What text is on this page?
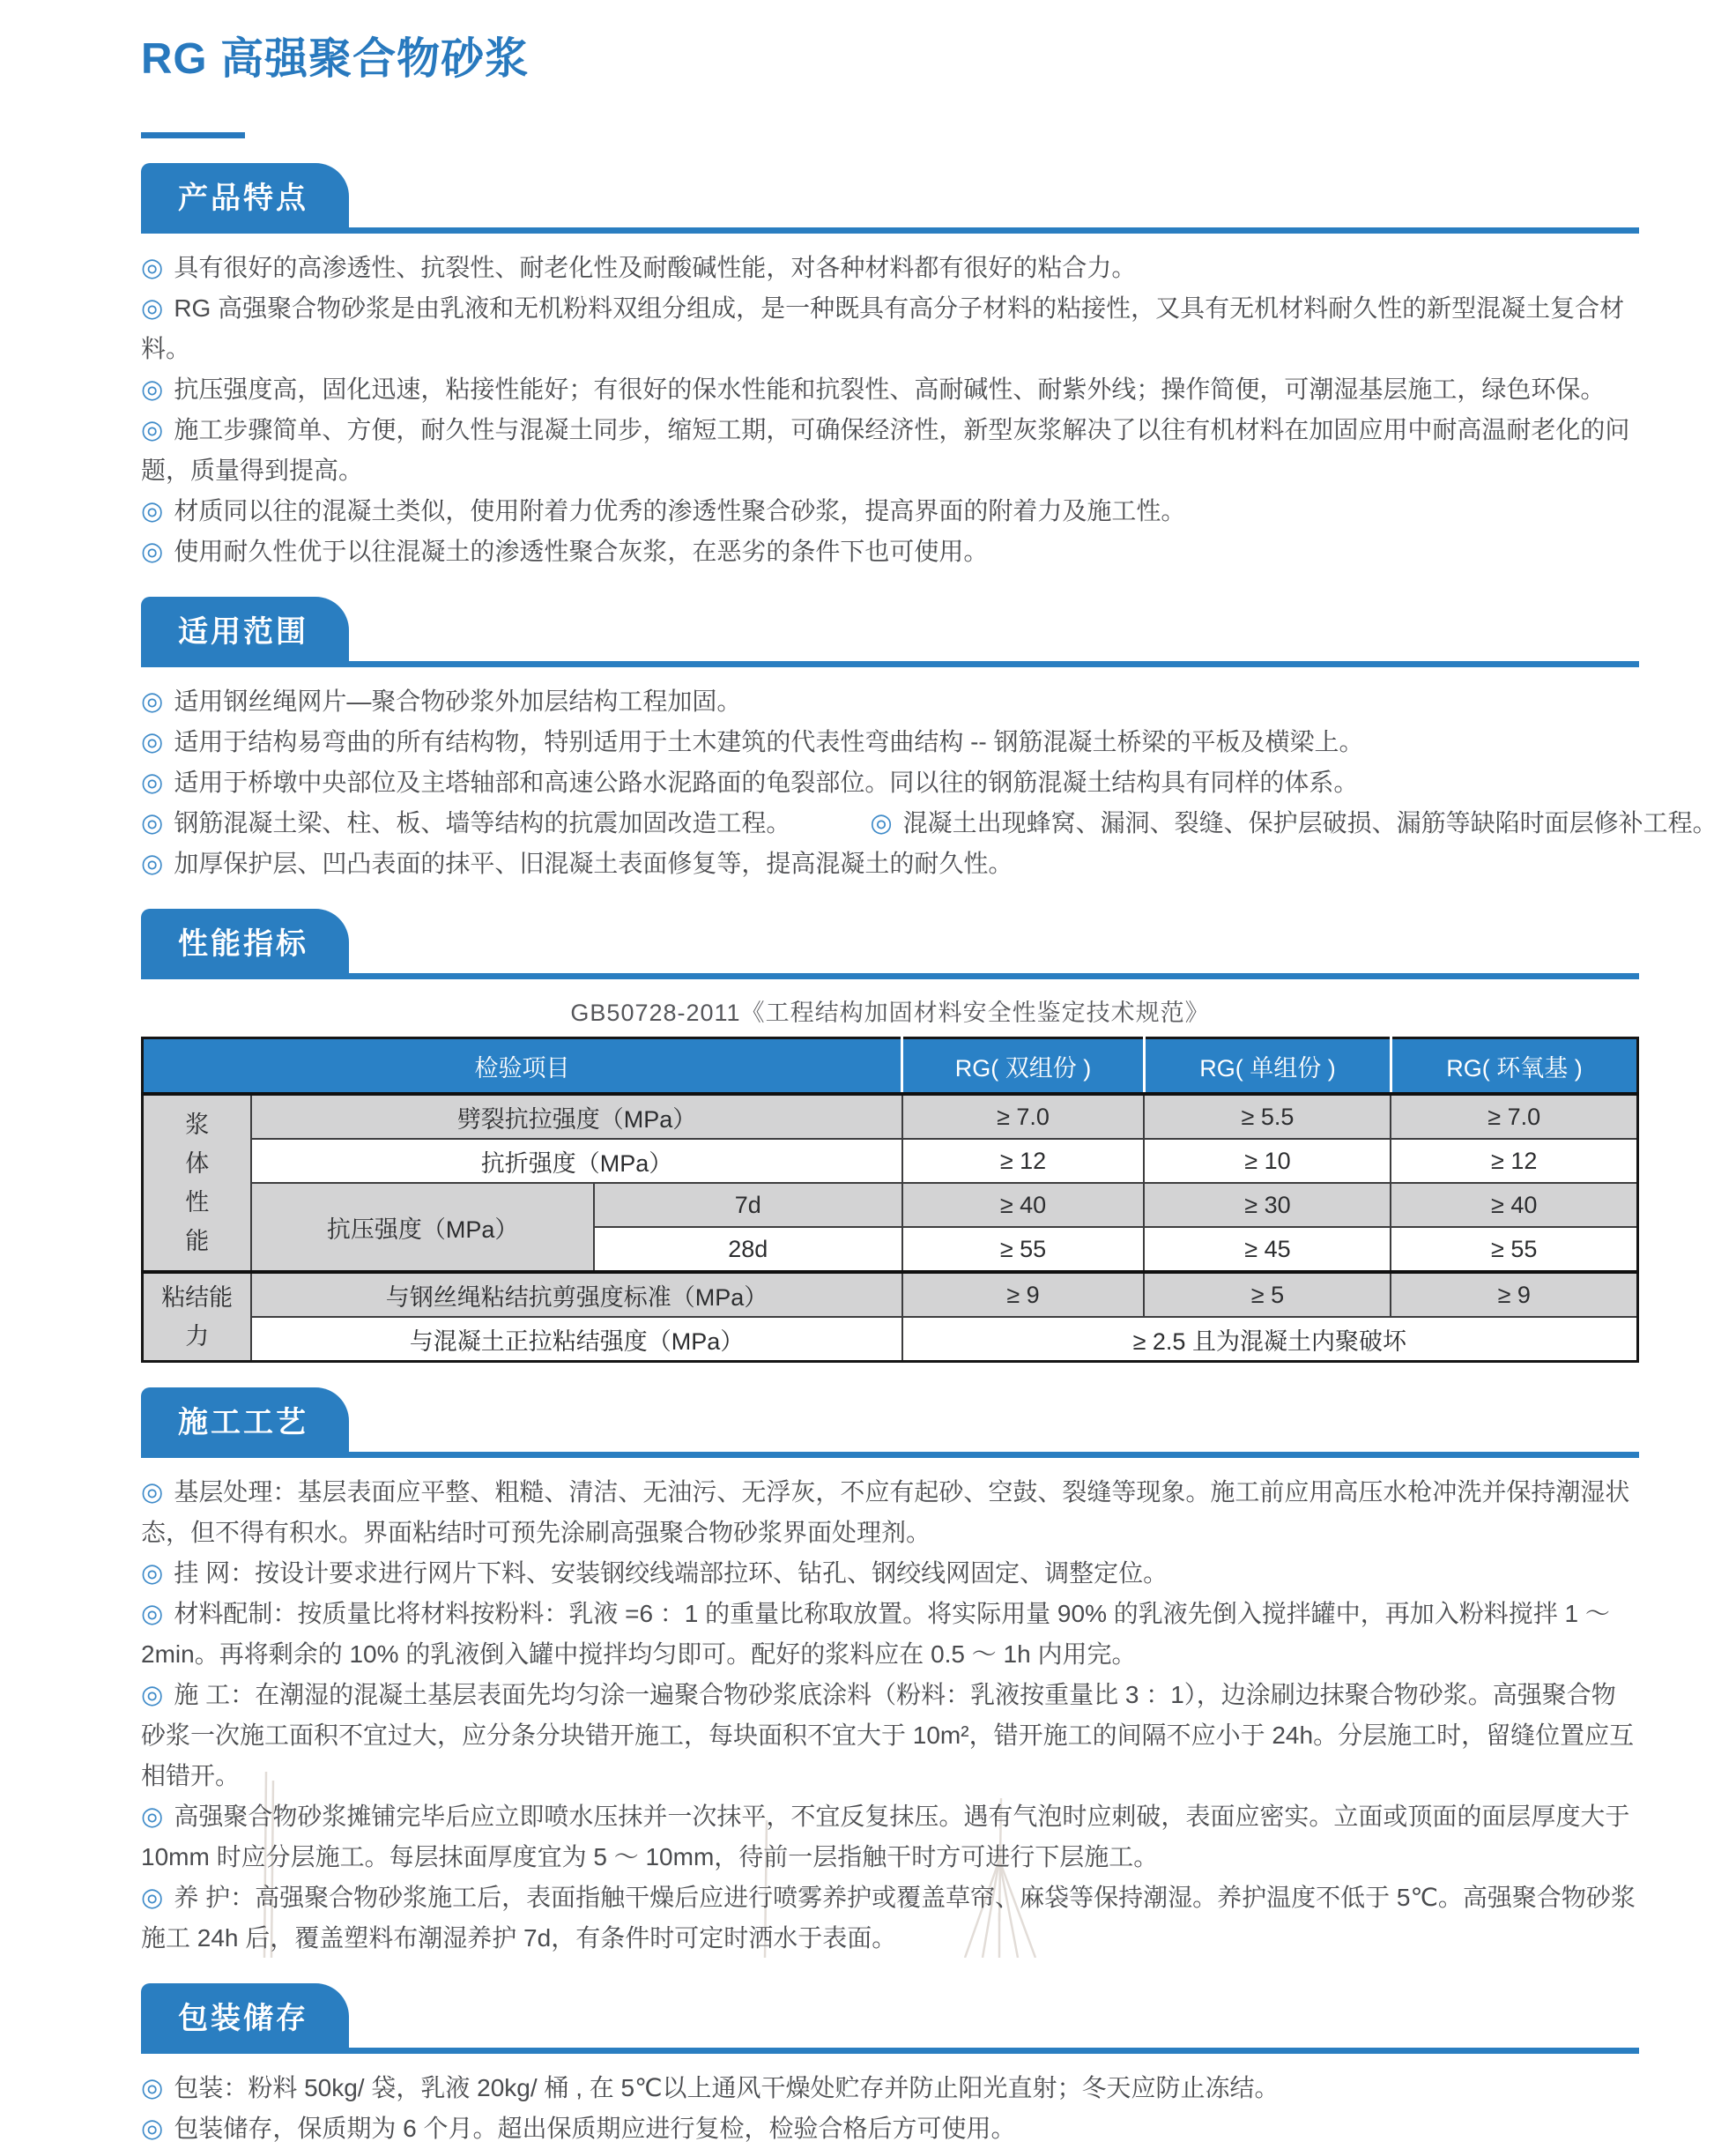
RG 高强聚合物砂浆
产品特点
◎ 具有很好的高渗透性、抗裂性、耐老化性及耐酸碱性能，对各种材料都有很好的粘合力。
◎ RG 高强聚合物砂浆是由乳液和无机粉料双组分组成，是一种既具有高分子材料的粘接性，又具有无机材料耐久性的新型混凝土复合材料。
◎ 抗压强度高，固化迅速，粘接性能好；有很好的保水性能和抗裂性、高耐碱性、耐紫外线；操作简便，可潮湿基层施工，绿色环保。
◎ 施工步骤简单、方便，耐久性与混凝土同步，缩短工期，可确保经济性，新型灰浆解决了以往有机材料在加固应用中耐高温耐老化的问题，质量得到提高。
◎ 材质同以往的混凝土类似，使用附着力优秀的渗透性聚合砂浆，提高界面的附着力及施工性。
◎ 使用耐久性优于以往混凝土的渗透性聚合灰浆，在恶劣的条件下也可使用。
适用范围
◎ 适用钢丝绳网片—聚合物砂浆外加层结构工程加固。
◎ 适用于结构易弯曲的所有结构物，特别适用于土木建筑的代表性弯曲结构 -- 钢筋混凝土桥梁的平板及横梁上。
◎ 适用于桥墩中央部位及主塔轴部和高速公路水泥路面的龟裂部位。同以往的钢筋混凝土结构具有同样的体系。
◎ 钢筋混凝土梁、柱、板、墙等结构的抗震加固改造工程。	◎ 混凝土出现蜂窝、漏洞、裂缝、保护层破损、漏筋等缺陷时面层修补工程。
◎ 加厚保护层、凹凸表面的抹平、旧混凝土表面修复等，提高混凝土的耐久性。
性能指标
GB50728-2011《工程结构加固材料安全性鉴定技术规范》
检验项目			RG( 双组份 )	RG( 单组份 )	RG( 环氧基 )
浆体性能	劈裂抗拉强度（MPa）		≥ 7.0	≥ 5.5	≥ 7.0
	抗折强度（MPa）		≥ 12	≥ 10	≥ 12
	抗压强度（MPa）	7d	≥ 40	≥ 30	≥ 40
		28d	≥ 55	≥ 45	≥ 55
粘结能力	与钢丝绳粘结抗剪强度标准（MPa）		≥ 9	≥ 5	≥ 9
	与混凝土正拉粘结强度（MPa）		≥ 2.5 且为混凝土内聚破坏		
施工工艺
◎ 基层处理：基层表面应平整、粗糙、清洁、无油污、无浮灰，不应有起砂、空鼓、裂缝等现象。施工前应用高压水枪冲洗并保持潮湿状态，但不得有积水。界面粘结时可预先涂刷高强聚合物砂浆界面处理剂。
◎ 挂 网：按设计要求进行网片下料、安装钢绞线端部拉环、钻孔、钢绞线网固定、调整定位。
◎ 材料配制：按质量比将材料按粉料：乳液 =6 ：1 的重量比称取放置。将实际用量 90% 的乳液先倒入搅拌罐中，再加入粉料搅拌 1 ～ 2min。再将剩余的 10% 的乳液倒入罐中搅拌均匀即可。配好的浆料应在 0.5 ～ 1h 内用完。
◎ 施 工：在潮湿的混凝土基层表面先均匀涂一遍聚合物砂浆底涂料（粉料：乳液按重量比 3 ：1），边涂刷边抹聚合物砂浆。高强聚合物砂浆一次施工面积不宜过大，应分条分块错开施工，每块面积不宜大于 10m²，错开施工的间隔不应小于 24h。分层施工时，留缝位置应互相错开。
◎ 高强聚合物砂浆摊铺完毕后应立即喷水压抹并一次抹平，不宜反复抹压。遇有气泡时应刺破，表面应密实。立面或顶面的面层厚度大于 10mm 时应分层施工。每层抹面厚度宜为 5 ～ 10mm，待前一层指触干时方可进行下层施工。
◎ 养 护：高强聚合物砂浆施工后，表面指触干燥后应进行喷雾养护或覆盖草帘、麻袋等保持潮湿。养护温度不低于 5℃。高强聚合物砂浆施工 24h 后，覆盖塑料布潮湿养护 7d，有条件时可定时洒水于表面。
包装储存
◎ 包装：粉料 50kg/ 袋，乳液 20kg/ 桶 , 在 5℃以上通风干燥处贮存并防止阳光直射；冬天应防止冻结。
◎ 包装储存，保质期为 6 个月。超出保质期应进行复检，检验合格后方可使用。
